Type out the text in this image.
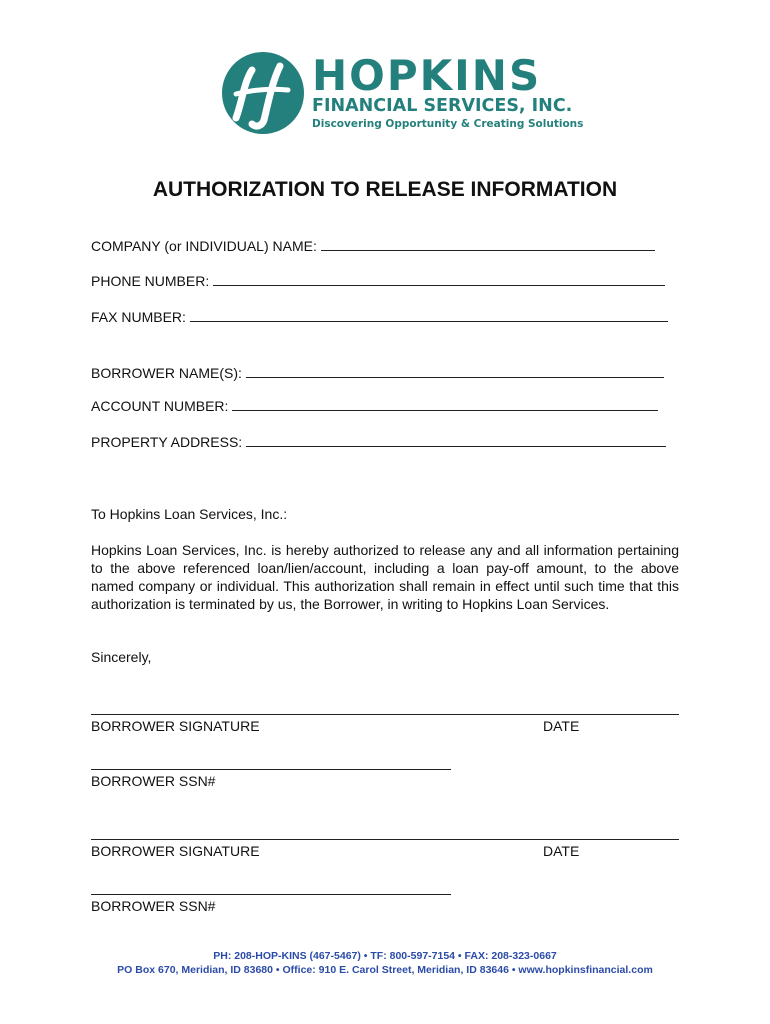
HOPKINS
FINANCIAL SERVICES, INC.
Discovering Opportunity & Creating Solutions
AUTHORIZATION TO RELEASE INFORMATION
COMPANY (or INDIVIDUAL) NAME:
PHONE NUMBER:
FAX NUMBER:
BORROWER NAME(S):
ACCOUNT NUMBER:
PROPERTY ADDRESS:
To Hopkins Loan Services, Inc.:
Hopkins Loan Services, Inc. is hereby authorized to release any and all information pertaining to the above referenced loan/lien/account, including a loan pay-off amount, to the above named company or individual. This authorization shall remain in effect until such time that this authorization is terminated by us, the Borrower, in writing to Hopkins Loan Services.
Sincerely,
BORROWER SIGNATURE	DATE
BORROWER SSN#
BORROWER SIGNATURE	DATE
BORROWER SSN#
PH: 208-HOP-KINS (467-5467) • TF: 800-597-7154 • FAX: 208-323-0667
PO Box 670, Meridian, ID 83680 • Office: 910 E. Carol Street, Meridian, ID 83646 • www.hopkinsfinancial.com
